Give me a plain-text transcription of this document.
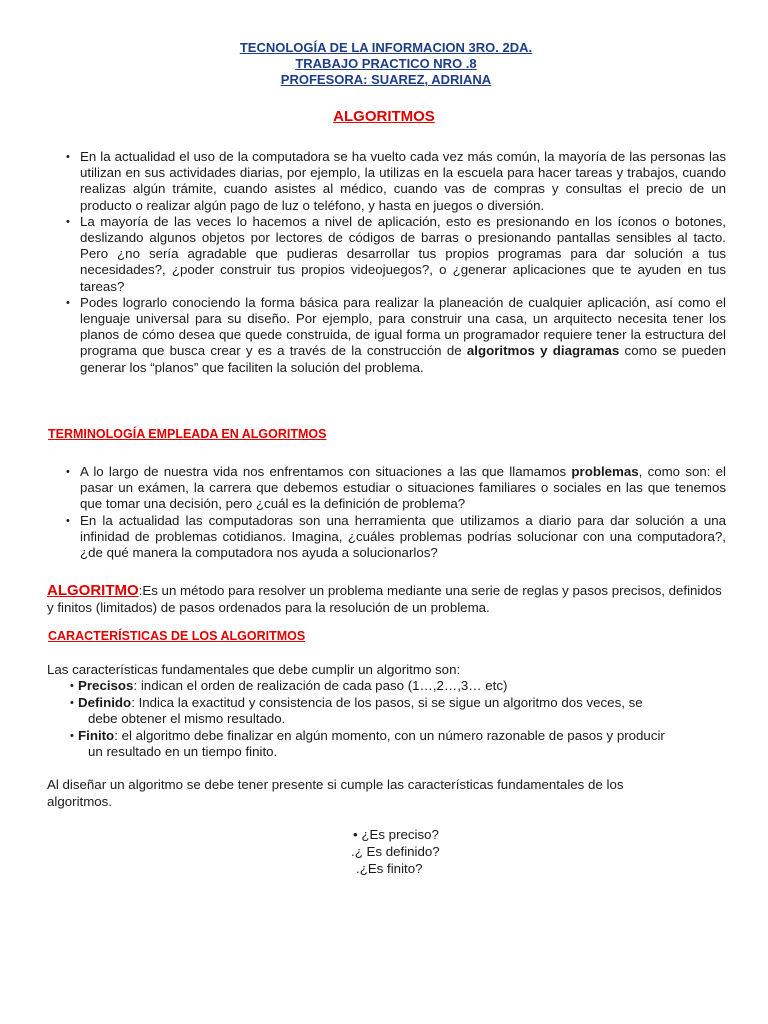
TECNOLOGÍA DE LA INFORMACION 3RO. 2DA.
TRABAJO PRACTICO NRO .8
PROFESORA: SUAREZ, ADRIANA
ALGORITMOS
• En la actualidad el uso de la computadora se ha vuelto cada vez más común, la mayoría de las personas las utilizan en sus actividades diarias, por ejemplo, la utilizas en la escuela para hacer tareas y trabajos, cuando realizas algún trámite, cuando asistes al médico, cuando vas de compras y consultas el precio de un producto o realizar algún pago de luz o teléfono, y hasta en juegos o diversión.
• La mayoría de las veces lo hacemos a nivel de aplicación, esto es presionando en los íconos o botones, deslizando algunos objetos por lectores de códigos de barras o presionando pantallas sensibles al tacto. Pero ¿no sería agradable que pudieras desarrollar tus propios programas para dar solución a tus necesidades?, ¿poder construir tus propios videojuegos?, o ¿generar aplicaciones que te ayuden en tus tareas?
• Podes lograrlo conociendo la forma básica para realizar la planeación de cualquier aplicación, así como el lenguaje universal para su diseño. Por ejemplo, para construir una casa, un arquitecto necesita tener los planos de cómo desea que quede construida, de igual forma un programador requiere tener la estructura del programa que busca crear y es a través de la construcción de algoritmos y diagramas como se pueden generar los “planos” que faciliten la solución del problema.
TERMINOLOGÍA EMPLEADA EN ALGORITMOS
• A lo largo de nuestra vida nos enfrentamos con situaciones a las que llamamos problemas, como son: el pasar un exámen, la carrera que debemos estudiar o situaciones familiares o sociales en las que tenemos que tomar una decisión, pero ¿cuál es la definición de problema?
• En la actualidad las computadoras son una herramienta que utilizamos a diario para dar solución a una infinidad de problemas cotidianos. Imagina, ¿cuáles problemas podrías solucionar con una computadora?, ¿de qué manera la computadora nos ayuda a solucionarlos?
ALGORITMO:Es un método para resolver un problema mediante una serie de reglas y pasos precisos, definidos y finitos (limitados) de pasos ordenados para la resolución de un problema.
CARACTERÍSTICAS DE LOS ALGORITMOS
Las características fundamentales que debe cumplir un algoritmo son:
• Precisos: indican el orden de realización de cada paso (1…,2…,3… etc)
• Definido: Indica la exactitud y consistencia de los pasos, si se sigue un algoritmo dos veces, se
debe obtener el mismo resultado.
• Finito: el algoritmo debe finalizar en algún momento, con un número razonable de pasos y producir
un resultado en un tiempo finito.
Al diseñar un algoritmo se debe tener presente si cumple las características fundamentales de los algoritmos.
• ¿Es preciso?
.¿ Es definido?
.¿Es finito?
